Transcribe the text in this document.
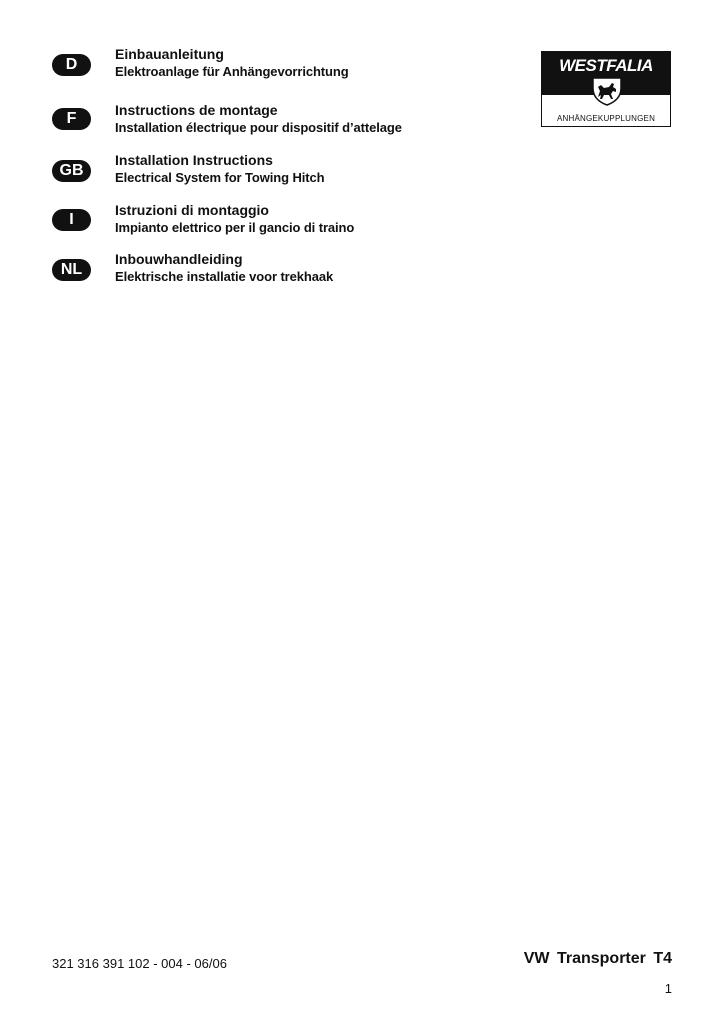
D
Einbauanleitung
Elektroanlage für Anhängevorrichtung
F	Instructions de montage
Installation électrique pour dispositif d’attelage
GB
Installation Instructions
Electrical System for Towing Hitch
I
Istruzioni di montaggio
Impianto elettrico per il gancio di traino
NL
Inbouwhandleiding
Elektrische installatie voor trekhaak
WESTFALIA
ANHÄNGEKUPPLUNGEN
321 316 391 102 - 004 - 06/06	VW Transporter T4
1
